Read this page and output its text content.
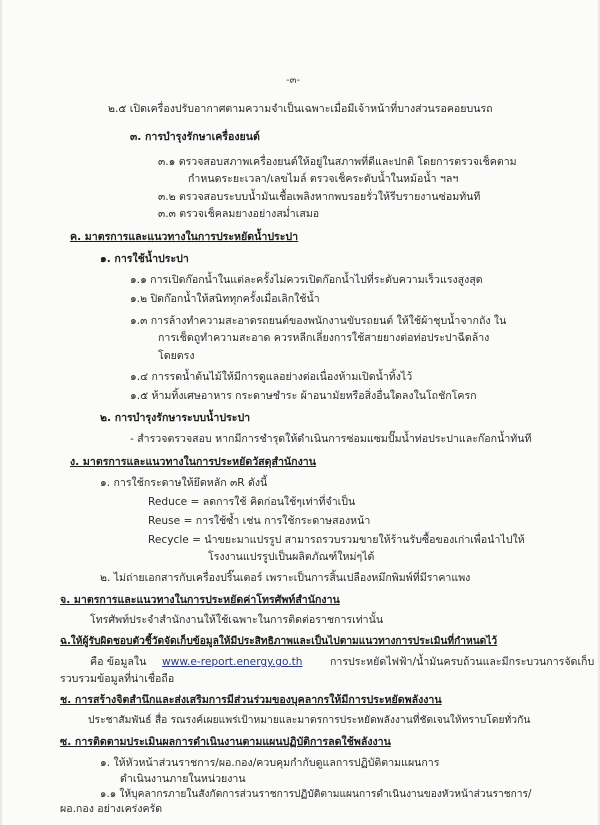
-๓-
๒.๕ เปิดเครื่องปรับอากาศตามความจำเป็นเฉพาะเมื่อมีเจ้าหน้าที่บางส่วนรอคอยบนรถ
๓. การบำรุงรักษาเครื่องยนต์
๓.๑ ตรวจสอบสภาพเครื่องยนต์ให้อยู่ในสภาพที่ดีและปกติ โดยการตรวจเช็คตาม
กำหนดระยะเวลา/เลขไมล์ ตรวจเช็คระดับน้ำในหม้อน้ำ ฯลฯ
๓.๒ ตรวจสอบระบบน้ำมันเชื้อเพลิงหากพบรอยรั่วให้รีบรายงานซ่อมทันที
๓.๓ ตรวจเช็คลมยางอย่างสม่ำเสมอ
ค. มาตรการและแนวทางในการประหยัดน้ำประปา
๑. การใช้น้ำประปา
๑.๑ การเปิดก๊อกน้ำในแต่ละครั้งไม่ควรเปิดก๊อกน้ำไปที่ระดับความเร็วแรงสูงสุด
๑.๒ ปิดก๊อกน้ำให้สนิททุกครั้งเมื่อเลิกใช้น้ำ
๑.๓ การล้างทำความสะอาดรถยนต์ของพนักงานขับรถยนต์ ให้ใช้ผ้าชุบน้ำจากถัง ใน
การเช็ดถูทำความสะอาด ควรหลีกเลี่ยงการใช้สายยางต่อท่อประปาฉีดล้าง
โดยตรง
๑.๔ การรดน้ำต้นไม้ให้มีการดูแลอย่างต่อเนื่องห้ามเปิดน้ำทิ้งไว้
๑.๕ ห้ามทิ้งเศษอาหาร กระดาษชำระ ผ้าอนามัยหรือสิ่งอื่นใดลงในโถชักโครก
๒. การบำรุงรักษาระบบน้ำประปา
- สำรวจตรวจสอบ หากมีการชำรุดให้ดำเนินการซ่อมแซมปั๊มน้ำท่อประปาและก๊อกน้ำทันที
ง. มาตรการและแนวทางในการประหยัดวัสดุสำนักงาน
๑. การใช้กระดาษให้ยึดหลัก ๓R ดังนี้
Reduce = ลดการใช้ คิดก่อนใช้ๆเท่าที่จำเป็น
Reuse = การใช้ซ้ำ เช่น การใช้กระดาษสองหน้า
Recycle = นำขยะมาแปรรูป สามารถรวบรวมขายให้ร้านรับซื้อของเก่าเพื่อนำไปให้
โรงงานแปรรูปเป็นผลิตภัณฑ์ใหม่ๆได้
๒. ไม่ถ่ายเอกสารกับเครื่องปริ๊นเตอร์ เพราะเป็นการสิ้นเปลืองหมึกพิมพ์ที่มีราคาแพง
จ. มาตรการและแนวทางในการประหยัดค่าโทรศัพท์สำนักงาน
โทรศัพท์ประจำสำนักงานให้ใช้เฉพาะในการติดต่อราชการเท่านั้น
ฉ.ให้ผู้รับผิดชอบตัวชี้วัดจัดเก็บข้อมูลให้มีประสิทธิภาพและเป็นไปตามแนวทางการประเมินที่กำหนดไว้
คือ ข้อมูลใน www.e-report.energy.go.th	การประหยัดไฟฟ้า/น้ำมันครบถ้วนและมีกระบวนการจัดเก็บ
รวบรวมข้อมูลที่น่าเชื่อถือ
ช. การสร้างจิตสำนึกและส่งเสริมการมีส่วนร่วมของบุคลากรให้มีการประหยัดพลังงาน
ประชาสัมพันธ์ สื่อ รณรงค์เผยแพร่เป้าหมายและมาตรการประหยัดพลังงานที่ชัดเจนให้ทราบโดยทั่วกัน
ซ. การติดตามประเมินผลการดำเนินงานตามแผนปฏิบัติการลดใช้พลังงาน
๑. ให้หัวหน้าส่วนราชการ/ผอ.กอง/ควบคุมกำกับดูแลการปฏิบัติตามแผนการ
ดำเนินงานภายในหน่วยงาน
๑.๑ ให้บุคลากรภายในสังกัดการส่วนราชการปฏิบัติตามแผนการดำเนินงานของหัวหน้าส่วนราชการ/
ผอ.กอง อย่างเคร่งครัด
